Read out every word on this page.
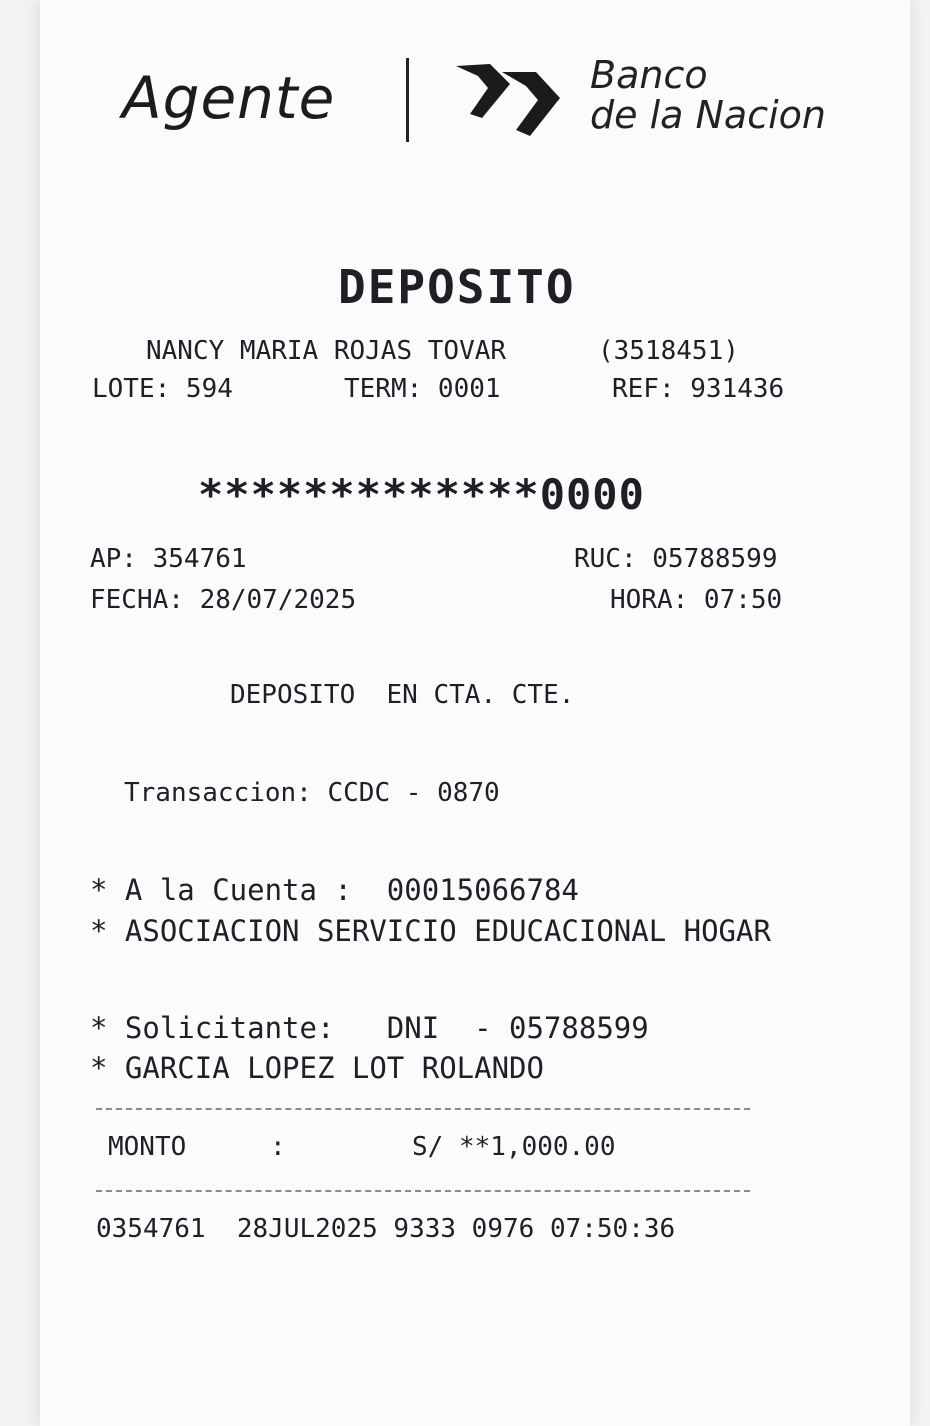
Agente	Banco
de la Nacion
DEPOSITO
NANCY MARIA ROJAS TOVAR	(3518451)
LOTE: 594	TERM: 0001	REF: 931436
*************0000
AP: 354761	RUC: 05788599
FECHA: 28/07/2025	HORA: 07:50
DEPOSITO  EN CTA. CTE.
Transaccion: CCDC - 0870
* A la Cuenta :  00015066784
* ASOCIACION SERVICIO EDUCACIONAL HOGAR
* Solicitante:   DNI  - 05788599
* GARCIA LOPEZ LOT ROLANDO
MONTO	:	S/ **1,000.00
0354761  28JUL2025 9333 0976 07:50:36
